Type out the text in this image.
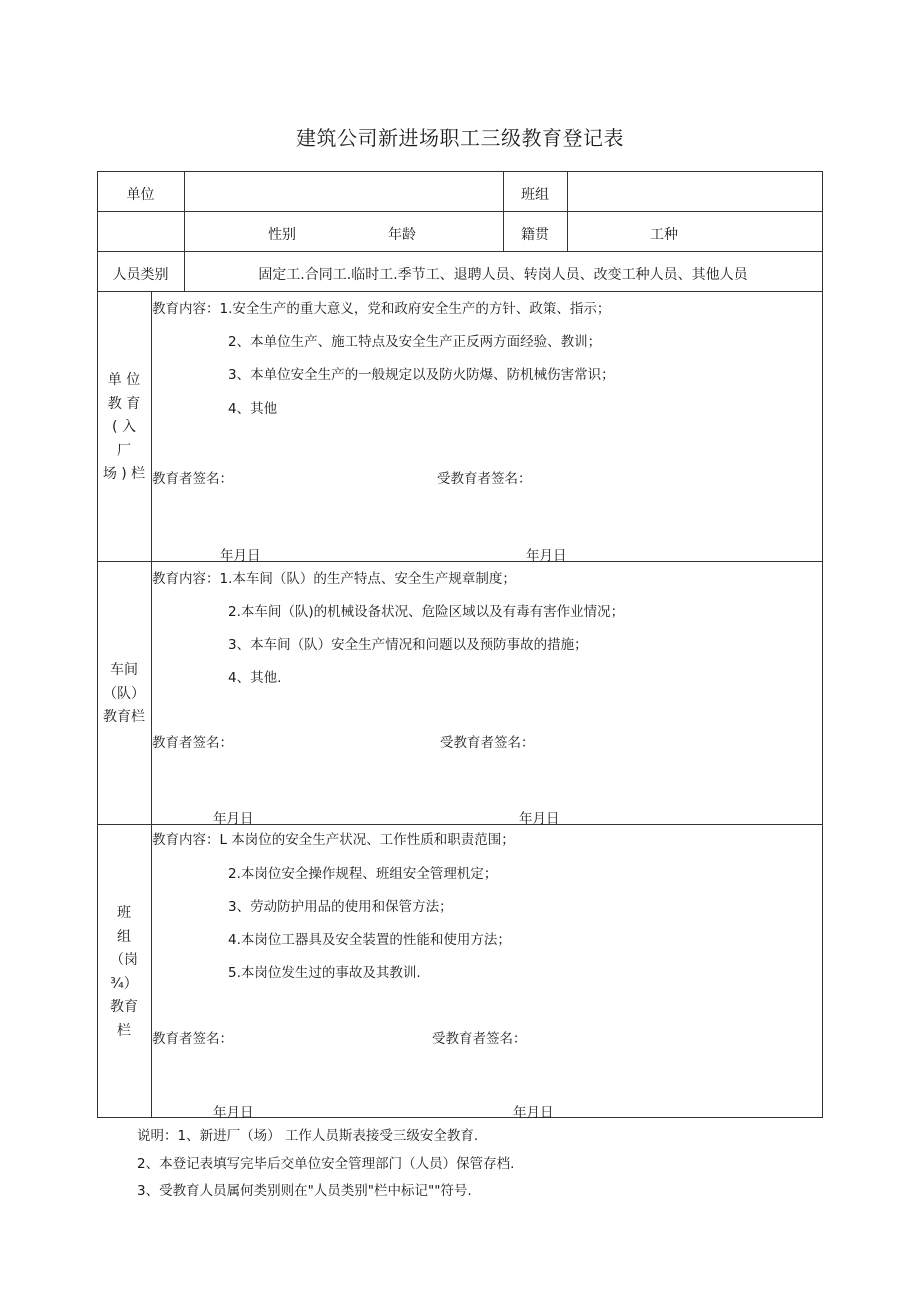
建筑公司新进场职工三级教育登记表
单位	班组
性别	年龄	籍贯	工种
人员类别	固定工.合同工.临时工.季节工、退聘人员、转岗人员、改变工种人员、其他人员
单 位
教 育
( 入
厂
场 ) 栏
教育内容：1.安全生产的重大意义，党和政府安全生产的方针、政策、指示；
2、本单位生产、施工特点及安全生产正反两方面经验、教训；
3、本单位安全生产的一般规定以及防火防爆、防机械伤害常识；
4、其他
教育者签名：	受教育者签名：
年月日	年月日
车间
（队）
教育栏
教育内容：1.本车间（队）的生产特点、安全生产规章制度；
2.本车间（队)的机械设备状况、危险区域以及有毒有害作业情况；
3、本车间（队）安全生产情况和问题以及预防事故的措施；
4、其他.
教育者签名：	受教育者签名：
年月日	年月日
班
组
（岗
¾）
教育
栏
教育内容：L 本岗位的安全生产状况、工作性质和职责范围；
2.本岗位安全操作规程、班组安全管理机定；
3、劳动防护用品的使用和保管方法；
4.本岗位工器具及安全装置的性能和使用方法；
5.本岗位发生过的事故及其教训.
教育者签名：	受教育者签名：
年月日	年月日
说明：1、新进厂（场） 工作人员斯表接受三级安全教育.
2、本登记表填写完毕后交单位安全管理部门（人员）保管存档.
3、受教育人员属何类别则在"人员类别"栏中标记""符号.
